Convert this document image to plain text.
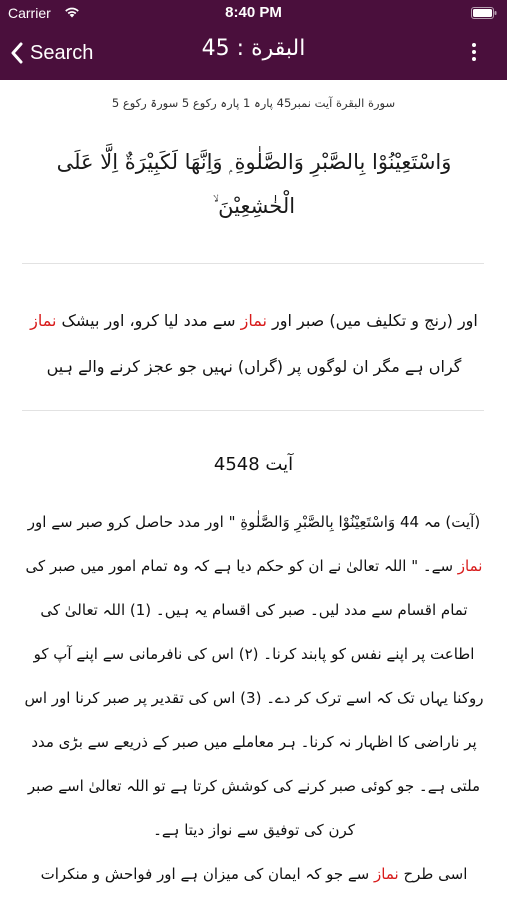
Carrier	8:40 PM
Search	البقرة : 45
سورة البقرة آیت نمبر45 پارہ 1 پارہ رکوع 5 سورۃ رکوع 5
وَاسْتَعِيْنُوْا بِالصَّبْرِ وَالصَّلٰوةِ ۭ وَاِنَّهَا لَكَبِيْرَةٌ اِلَّا عَلَى الْخٰشِعِيْنَ ۙ
اور (رنج و تکلیف میں) صبر اور نماز سے مدد لیا کرو، اور بیشک نماز گراں ہے مگر ان لوگوں پر (گراں) نہیں جو عجز کرنے والے ہیں
آیت 4548
(آیت) مہ 44 وَاسْتَعِيْنُوْا بِالصَّبْرِ وَالصَّلٰوةِ " اور مدد حاصل کرو صبر سے اور نماز سے۔ " اللہ تعالیٰ نے ان کو حکم دیا ہے کہ وہ تمام امور میں صبر کی تمام اقسام سے مدد لیں۔ صبر کی اقسام یہ ہیں۔ (1) اللہ تعالیٰ کی اطاعت پر اپنے نفس کو پابند کرنا۔ (۲) اس کی نافرمانی سے اپنے آپ کو روکنا یہاں تک کہ اسے ترک کر دے۔ (3) اس کی تقدیر پر صبر کرنا اور اس پر ناراضی کا اظہار نہ کرنا۔ ہر معاملے میں صبر کے ذریعے سے بڑی مدد ملتی ہے۔ جو کوئی صبر کرنے کی کوشش کرتا ہے تو اللہ تعالیٰ اسے صبر کرن کی توفیق سے نواز دیتا ہے۔
اسی طرح نماز سے جو کہ ایمان کی میزان ہے اور فواحش و منکرات
